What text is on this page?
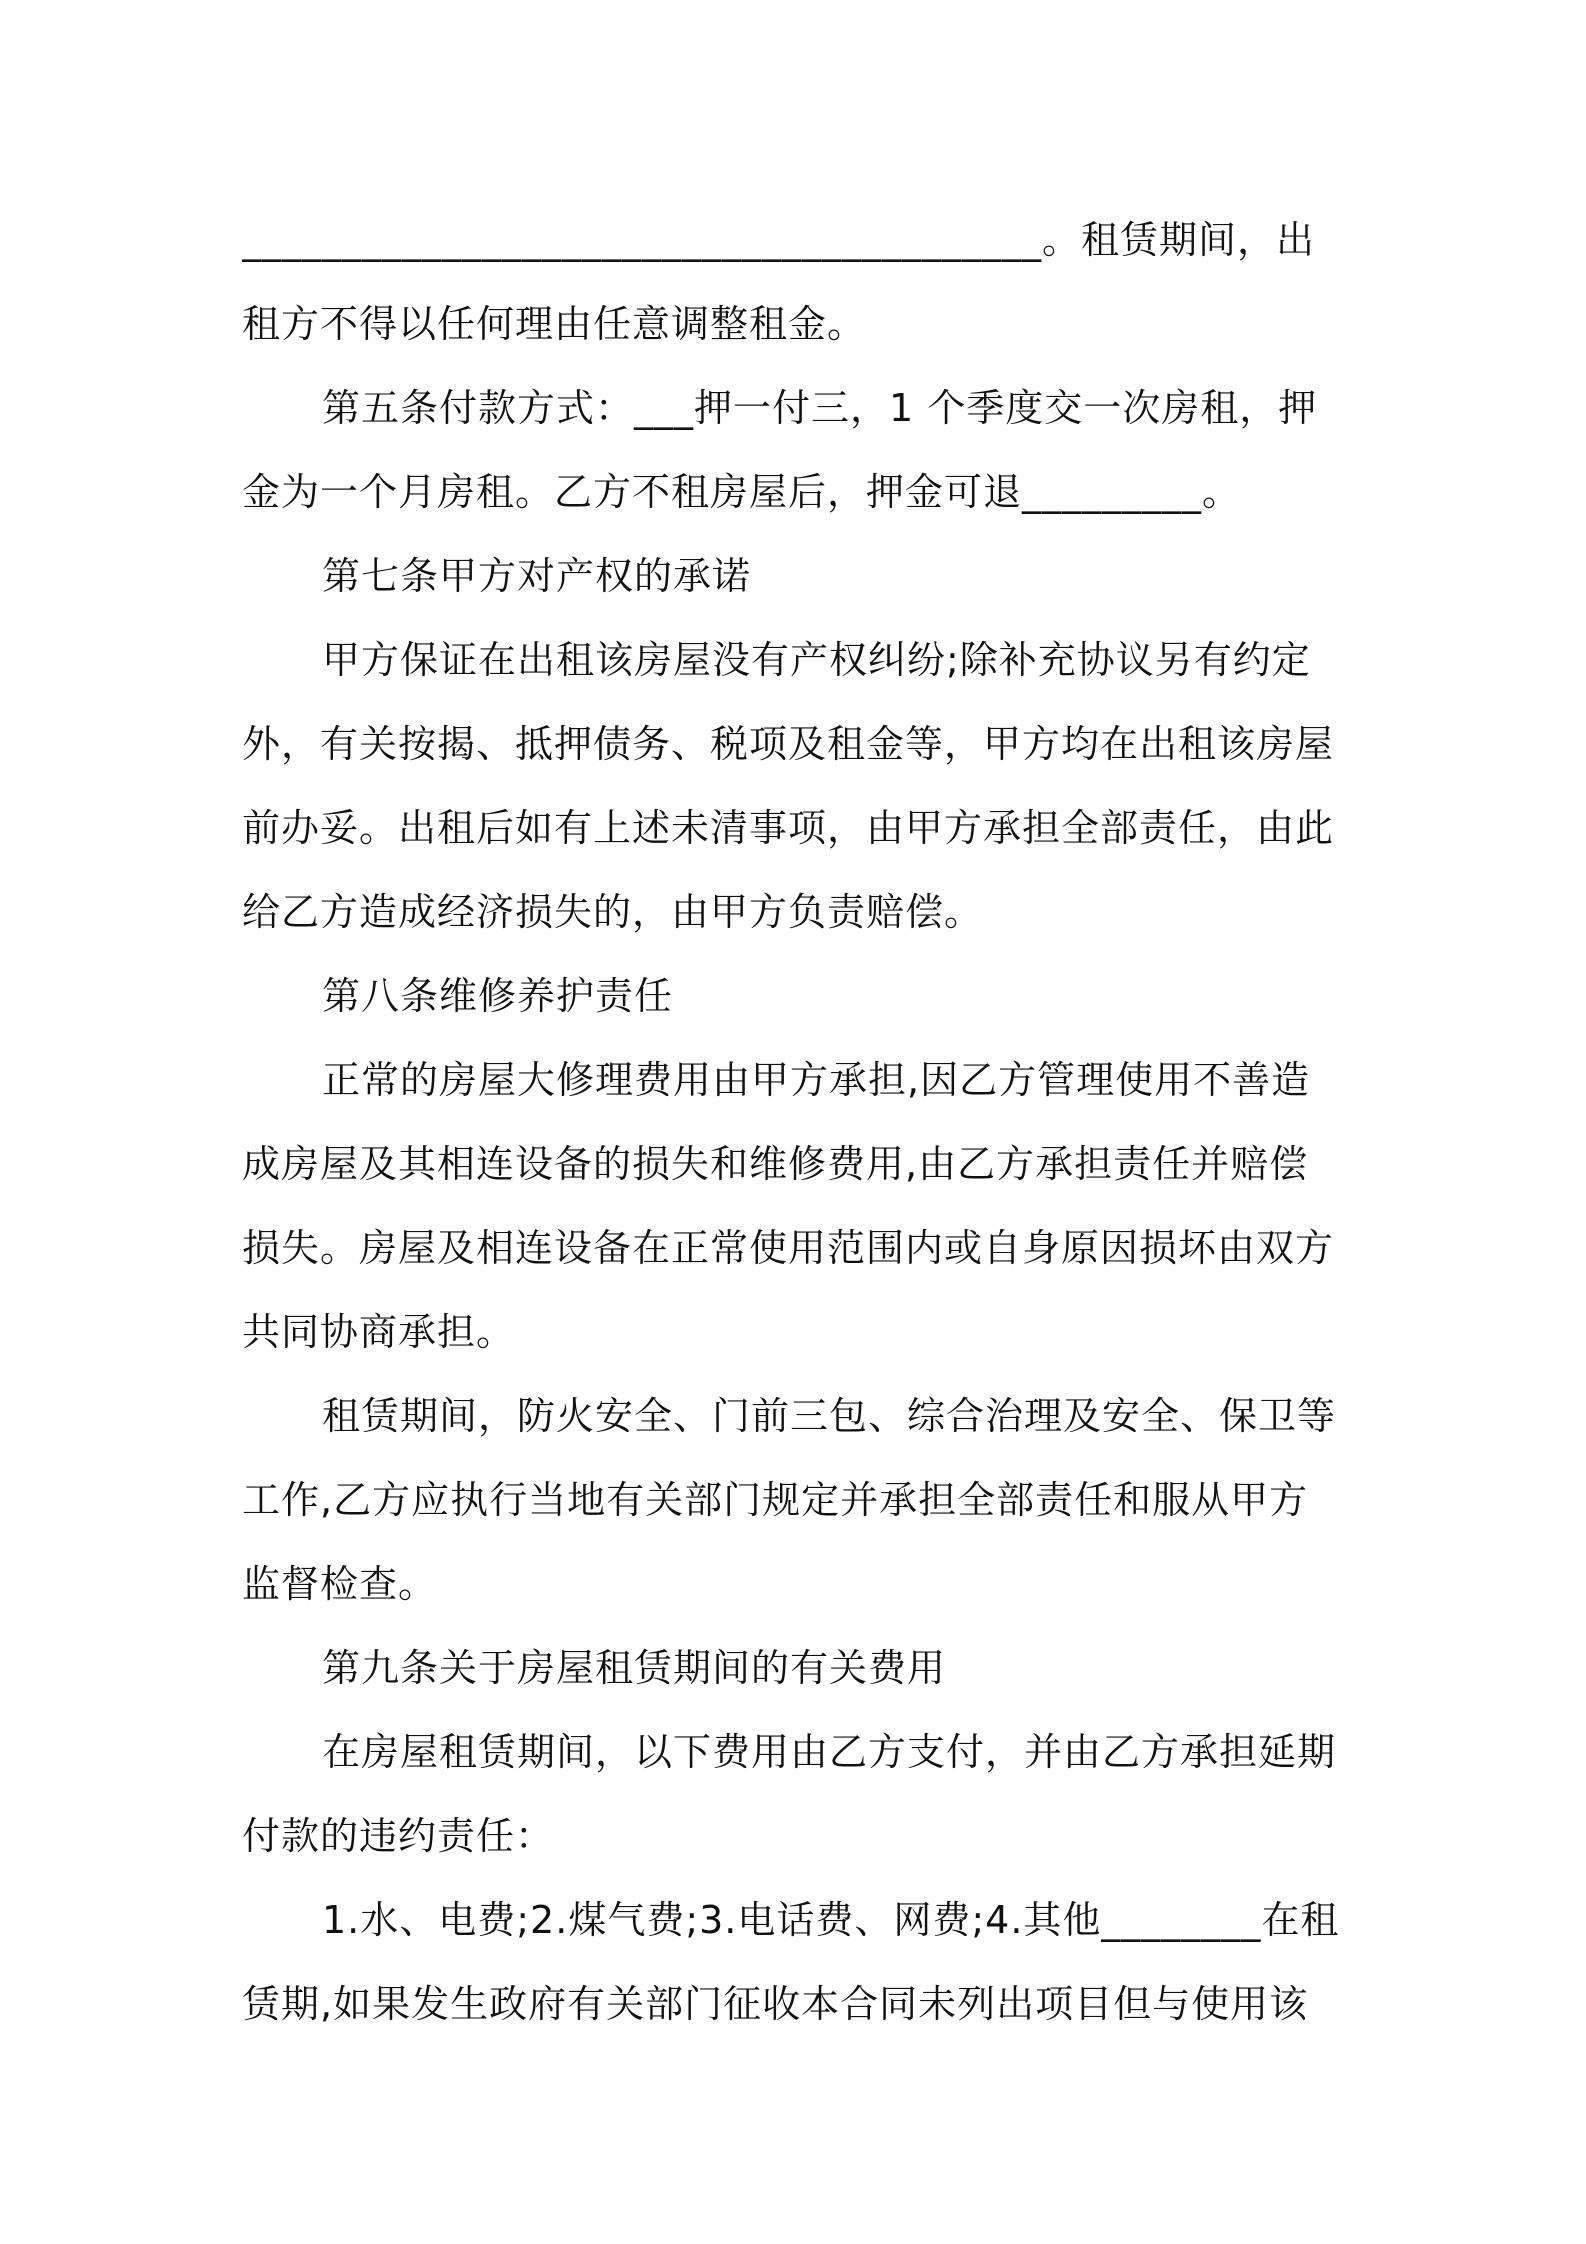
________________________________________。租赁期间，出
租方不得以任何理由任意调整租金。

第五条付款方式：___押一付三，1 个季度交一次房租，押
金为一个月房租。乙方不租房屋后，押金可退_________。

第七条甲方对产权的承诺

甲方保证在出租该房屋没有产权纠纷;除补充协议另有约定
外，有关按揭、抵押债务、税项及租金等，甲方均在出租该房屋
前办妥。出租后如有上述未清事项，由甲方承担全部责任，由此
给乙方造成经济损失的，由甲方负责赔偿。

第八条维修养护责任

正常的房屋大修理费用由甲方承担,因乙方管理使用不善造
成房屋及其相连设备的损失和维修费用,由乙方承担责任并赔偿
损失。房屋及相连设备在正常使用范围内或自身原因损坏由双方
共同协商承担。

租赁期间，防火安全、门前三包、综合治理及安全、保卫等
工作,乙方应执行当地有关部门规定并承担全部责任和服从甲方
监督检查。

第九条关于房屋租赁期间的有关费用

在房屋租赁期间，以下费用由乙方支付，并由乙方承担延期
付款的违约责任：

1.水、电费;2.煤气费;3.电话费、网费;4.其他________在租
赁期,如果发生政府有关部门征收本合同未列出项目但与使用该
